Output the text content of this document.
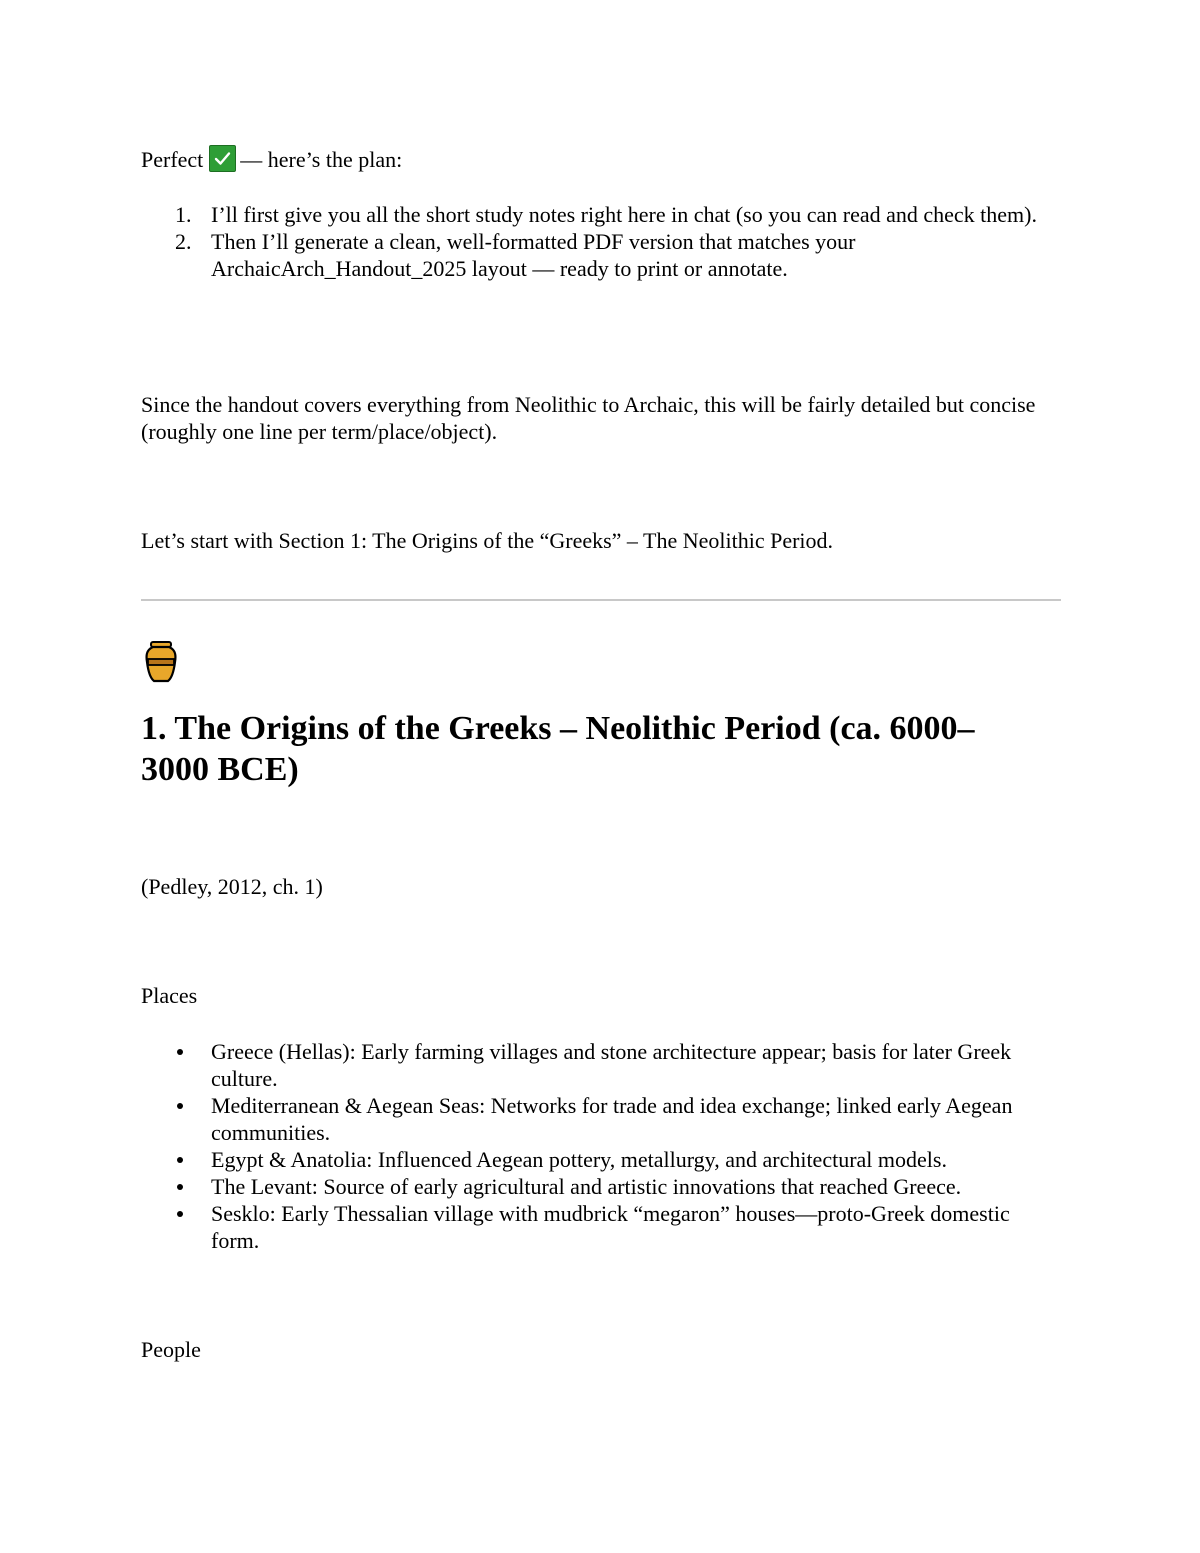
Perfect — here’s the plan:
1. I’ll first give you all the short study notes right here in chat (so you can read and check them).
2. Then I’ll generate a clean, well-formatted PDF version that matches your ArchaicArch_Handout_2025 layout — ready to print or annotate.
Since the handout covers everything from Neolithic to Archaic, this will be fairly detailed but concise (roughly one line per term/place/object).
Let’s start with Section 1: The Origins of the “Greeks” – The Neolithic Period.
1. The Origins of the Greeks – Neolithic Period (ca. 6000–3000 BCE)
(Pedley, 2012, ch. 1)
Places
Greece (Hellas): Early farming villages and stone architecture appear; basis for later Greek culture.
Mediterranean & Aegean Seas: Networks for trade and idea exchange; linked early Aegean communities.
Egypt & Anatolia: Influenced Aegean pottery, metallurgy, and architectural models.
The Levant: Source of early agricultural and artistic innovations that reached Greece.
Sesklo: Early Thessalian village with mudbrick “megaron” houses—proto-Greek domestic form.
People
